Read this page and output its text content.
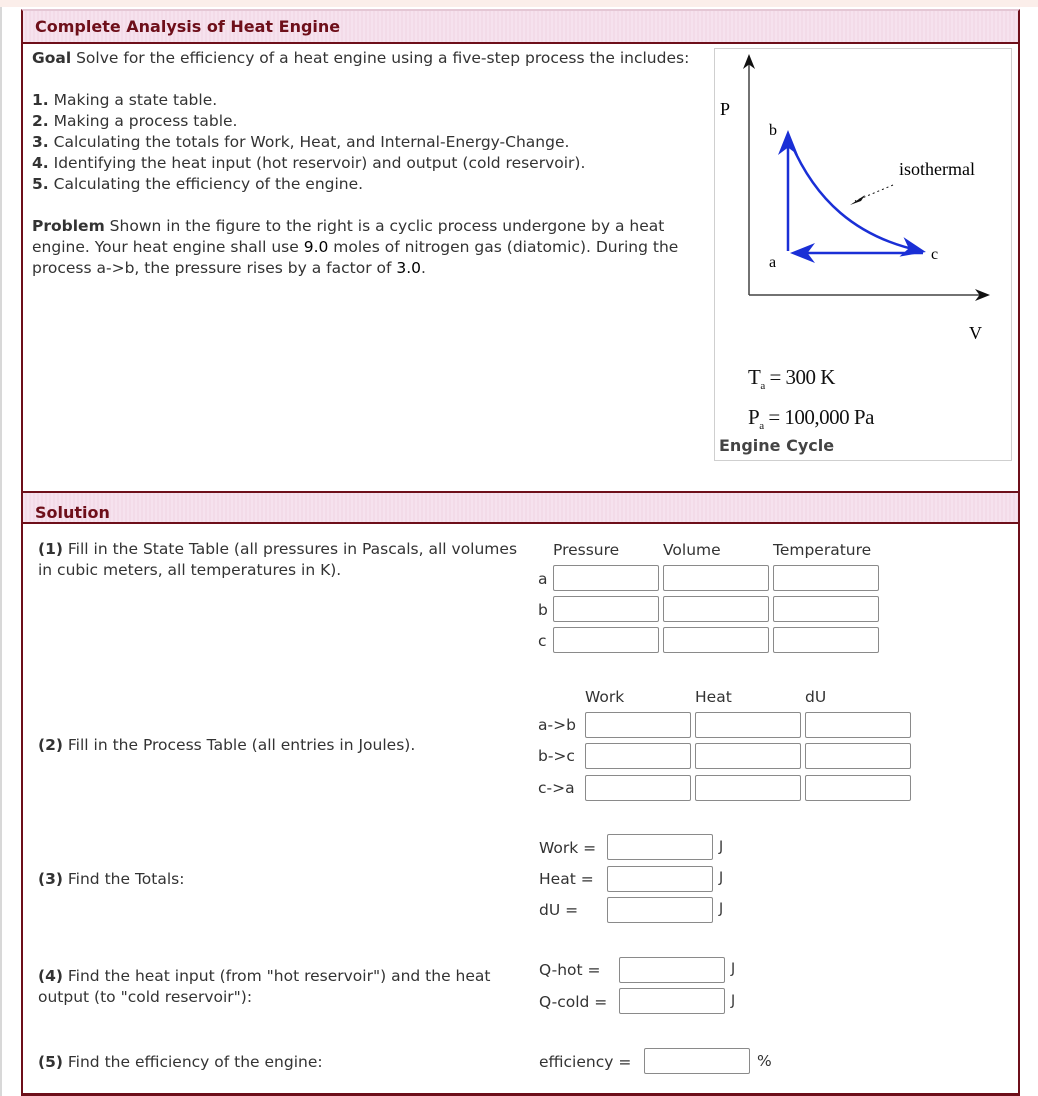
Complete Analysis of Heat Engine
Goal Solve for the efficiency of a heat engine using a five-step process the includes:
1. Making a state table.
2. Making a process table.
3. Calculating the totals for Work, Heat, and Internal-Energy-Change.
4. Identifying the heat input (hot reservoir) and output (cold reservoir).
5. Calculating the efficiency of the engine.
Problem Shown in the figure to the right is a cyclic process undergone by a heat engine. Your heat engine shall use 9.0 moles of nitrogen gas (diatomic). During the process a->b, the pressure rises by a factor of 3.0.
P
b
a	c
isothermal
V
$T_a = 300$ K
$P_a = 100,000$ Pa
Engine Cycle
Solution
(1) Fill in the State Table (all pressures in Pascals, all volumes in cubic meters, all temperatures in K).
Pressure	Volume	Temperature
a
b
c
(2) Fill in the Process Table (all entries in Joules).
Work	Heat	dU
a->b
b->c
c->a
(3) Find the Totals:
Work =	J
Heat =	J
dU =	J
(4) Find the heat input (from "hot reservoir") and the heat output (to "cold reservoir"):
Q-hot =	J
Q-cold =	J
(5) Find the efficiency of the engine:	efficiency =	%
